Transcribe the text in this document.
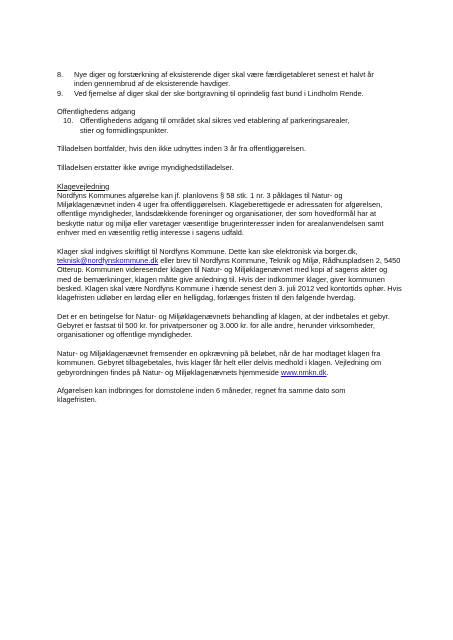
8. Nye diger og forstærkning af eksisterende diger skal være færdigetableret senest et halvt år inden gennembrud af de eksisterende havdiger.
9. Ved fjernelse af diger skal der ske bortgravning til oprindelig fast bund i Lindholm Rende.

Offentlighedens adgang

10. Offentlighedens adgang til området skal sikres ved etablering af parkeringsarealer, stier og formidlingspunkter.

Tilladelsen bortfalder, hvis den ikke udnyttes inden 3 år fra offentliggørelsen.

Tilladelsen erstatter ikke øvrige myndighedstilladelser.

Klagevejledning

Nordfyns Kommunes afgørelse kan jf. planlovens § 58 stk. 1 nr. 3 påklages til Natur- og Miljøklagenævnet inden 4 uger fra offentliggørelsen. Klageberettigede er adressaten for afgørelsen, offentlige myndigheder, landsdækkende foreninger og organisationer, der som hovedformål har at beskytte natur og miljø eller varetager væsentlige brugerinteresser inden for arealanvendelsen samt enhver med en væsentlig retlig interesse i sagens udfald.

Klager skal indgives skriftligt til Nordfyns Kommune. Dette kan ske elektronisk via borger.dk, teknisk@nordfynskommune.dk eller brev til Nordfyns Kommune, Teknik og Miljø, Rådhuspladsen 2, 5450 Otterup. Kommunen videresender klagen til Natur- og Miljøklagenævnet med kopi af sagens akter og med de bemærkninger, klagen måtte give anledning til. Hvis der indkommer klager, giver kommunen besked. Klagen skal være Nordfyns Kommune i hænde senest den 3. juli 2012 ved kontortids ophør. Hvis klagefristen udløber en lørdag eller en helligdag, forlænges fristen til den følgende hverdag.

Det er en betingelse for Natur- og Miljøklagenævnets behandling af klagen, at der indbetales et gebyr. Gebyret er fastsat til 500 kr. for privatpersoner og 3.000 kr. for alle andre, herunder virksomheder, organisationer og offentlige myndigheder.

Natur- og Miljøklagenævnet fremsender en opkrævning på beløbet, når de har modtaget klagen fra kommunen. Gebyret tilbagebetales, hvis klager får helt eller delvis medhold i klagen. Vejledning om gebyrordningen findes på Natur- og Miljøklagenævnets hjemmeside www.nmkn.dk.

Afgørelsen kan indbringes for domstolene inden 6 måneder, regnet fra samme dato som klagefristen.
